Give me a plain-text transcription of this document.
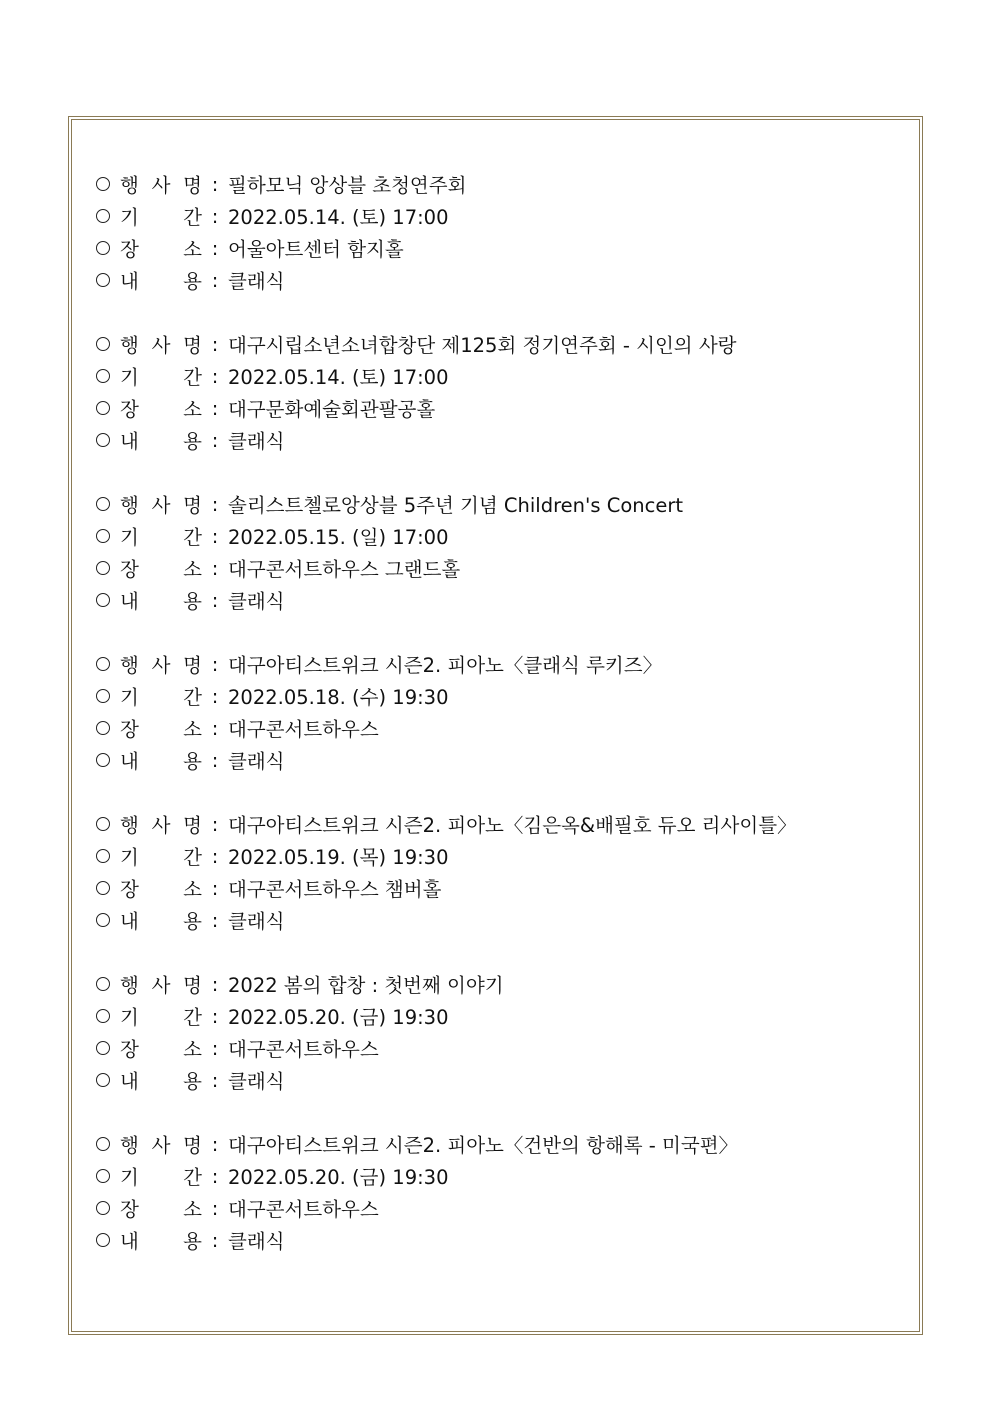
행 사 명 : 필하모닉 앙상블 초청연주회
기 간 : 2022.05.14. (토) 17:00
장 소 : 어울아트센터 함지홀
내 용 : 클래식
행 사 명 : 대구시립소년소녀합창단 제125회 정기연주회 - 시인의 사랑
기 간 : 2022.05.14. (토) 17:00
장 소 : 대구문화예술회관팔공홀
내 용 : 클래식
행 사 명 : 솔리스트첼로앙상블 5주년 기념 Children's Concert
기 간 : 2022.05.15. (일) 17:00
장 소 : 대구콘서트하우스 그랜드홀
내 용 : 클래식
행 사 명 : 대구아티스트위크 시즌2. 피아노〈클래식 루키즈〉
기 간 : 2022.05.18. (수) 19:30
장 소 : 대구콘서트하우스
내 용 : 클래식
행 사 명 : 대구아티스트위크 시즌2. 피아노〈김은옥&배필호 듀오 리사이틀〉
기 간 : 2022.05.19. (목) 19:30
장 소 : 대구콘서트하우스 챔버홀
내 용 : 클래식
행 사 명 : 2022 봄의 합창 : 첫번째 이야기
기 간 : 2022.05.20. (금) 19:30
장 소 : 대구콘서트하우스
내 용 : 클래식
행 사 명 : 대구아티스트위크 시즌2. 피아노〈건반의 항해록 - 미국편〉
기 간 : 2022.05.20. (금) 19:30
장 소 : 대구콘서트하우스
내 용 : 클래식
